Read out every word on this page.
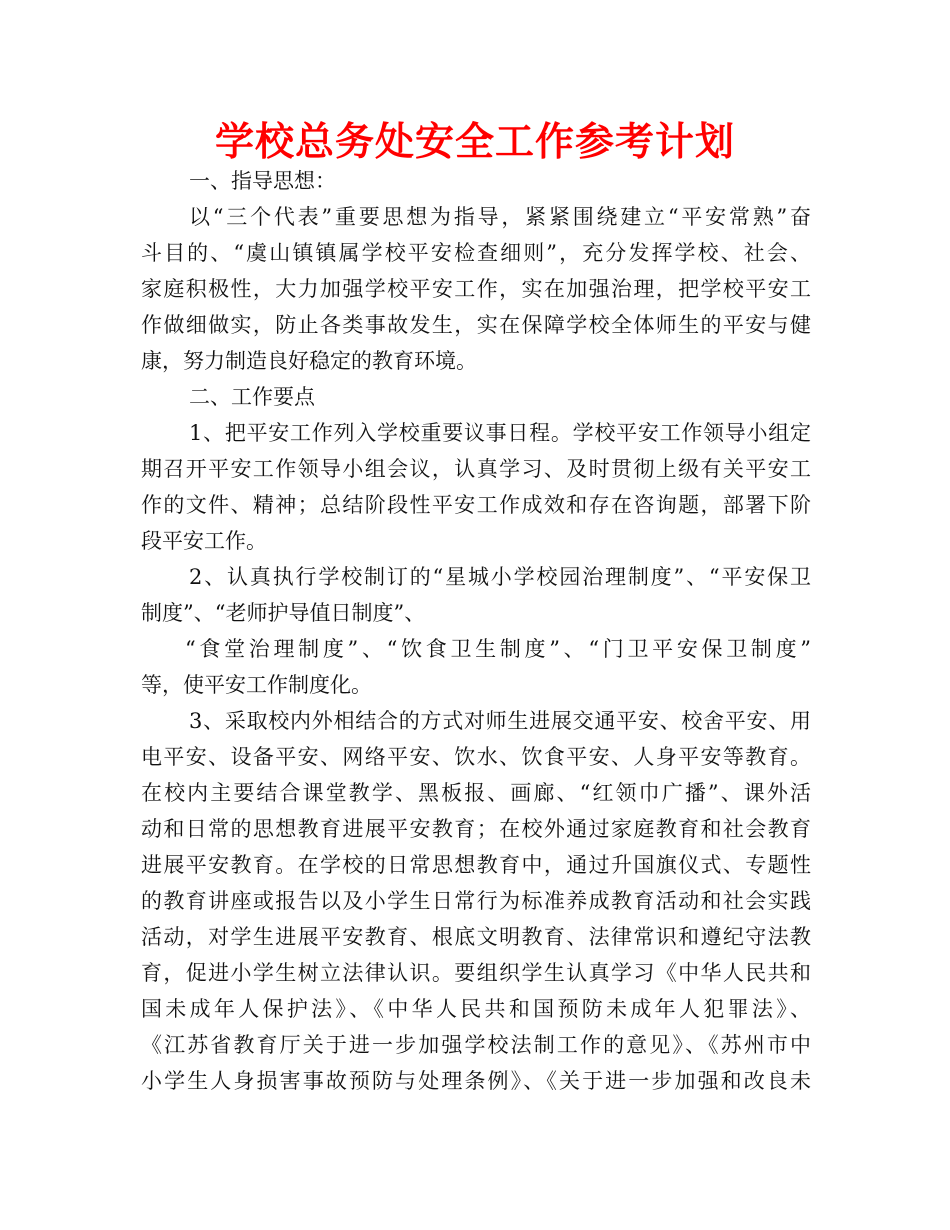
学校总务处安全工作参考计划
一、指导思想：
以“三个代表”重要思想为指导，紧紧围绕建立“平安常熟”奋
斗目的、“虞山镇镇属学校平安检查细则”，充分发挥学校、社会、
家庭积极性，大力加强学校平安工作，实在加强治理，把学校平安工
作做细做实，防止各类事故发生，实在保障学校全体师生的平安与健
康，努力制造良好稳定的教育环境。
二、工作要点
1、把平安工作列入学校重要议事日程。学校平安工作领导小组定
期召开平安工作领导小组会议，认真学习、及时贯彻上级有关平安工
作的文件、精神；总结阶段性平安工作成效和存在咨询题，部署下阶
段平安工作。
2、认真执行学校制订的“星城小学校园治理制度”、“平安保卫
制度”、“老师护导值日制度”、
“食堂治理制度”、“饮食卫生制度”、“门卫平安保卫制度”
等，使平安工作制度化。
3、采取校内外相结合的方式对师生进展交通平安、校舍平安、用
电平安、设备平安、网络平安、饮水、饮食平安、人身平安等教育。
在校内主要结合课堂教学、黑板报、画廊、“红领巾广播”、课外活
动和日常的思想教育进展平安教育；在校外通过家庭教育和社会教育
进展平安教育。在学校的日常思想教育中，通过升国旗仪式、专题性
的教育讲座或报告以及小学生日常行为标准养成教育活动和社会实践
活动，对学生进展平安教育、根底文明教育、法律常识和遵纪守法教
育，促进小学生树立法律认识。要组织学生认真学习《中华人民共和
国未成年人保护法》、《中华人民共和国预防未成年人犯罪法》、
《江苏省教育厅关于进一步加强学校法制工作的意见》、《苏州市中
小学生人身损害事故预防与处理条例》、《关于进一步加强和改良未
